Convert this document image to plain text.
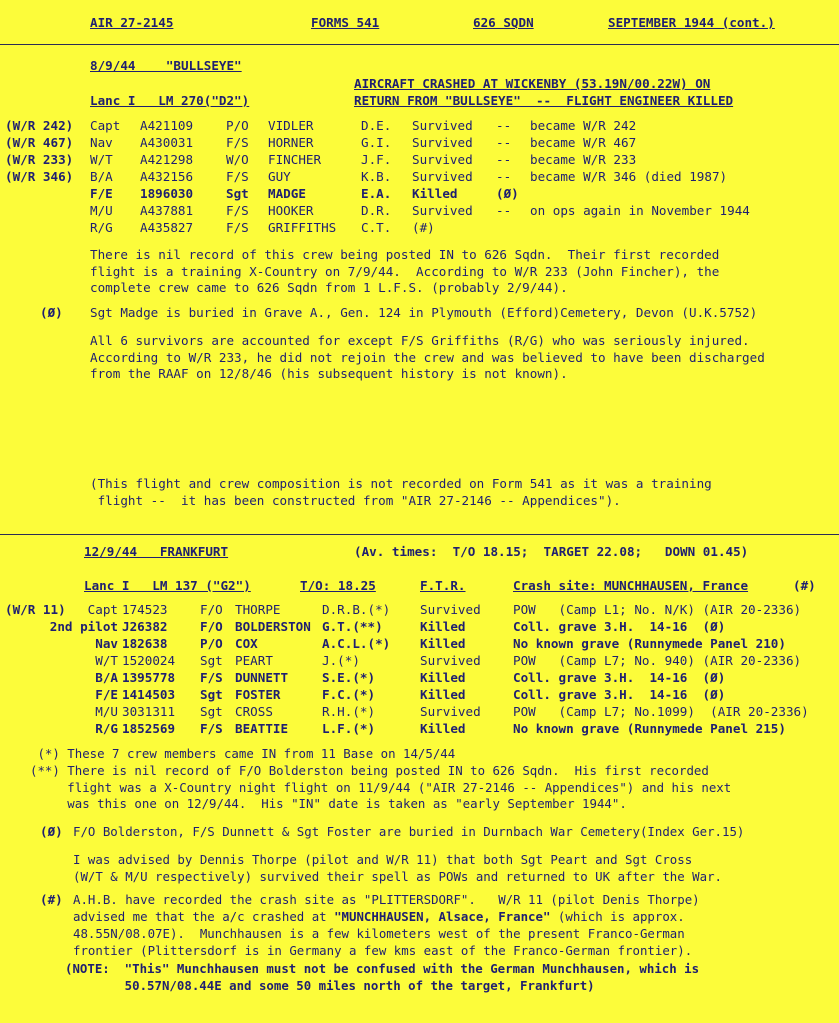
AIR 27-2145	FORMS 541	626 SQDN	SEPTEMBER 1944 (cont.)
8/9/44    "BULLSEYE"
AIRCRAFT CRASHED AT WICKENBY (53.19N/00.22W) ON
Lanc I   LM 270("D2")	RETURN FROM "BULLSEYE"  --  FLIGHT ENGINEER KILLED
(W/R 242) Capt A421109	P/O VIDLER	D.E. Survived -- became W/R 242
(W/R 467) Nav A430031	F/S HORNER	G.I. Survived -- became W/R 467
(W/R 233) W/T A421298	W/O FINCHER	J.F. Survived -- became W/R 233
(W/R 346) B/A A432156	F/S GUY	K.B. Survived -- became W/R 346 (died 1987)
F/E 1896030	Sgt MADGE	E.A. Killed	(Ø)
M/U A437881	F/S HOOKER	D.R. Survived -- on ops again in November 1944
R/G A435827	F/S GRIFFITHS C.T. (#)
There is nil record of this crew being posted IN to 626 Sqdn.  Their first recorded
flight is a training X-Country on 7/9/44.  According to W/R 233 (John Fincher), the
complete crew came to 626 Sqdn from 1 L.F.S. (probably 2/9/44).
(Ø) Sgt Madge is buried in Grave A., Gen. 124 in Plymouth (Efford)Cemetery, Devon (U.K.5752)
All 6 survivors are accounted for except F/S Griffiths (R/G) who was seriously injured.
According to W/R 233, he did not rejoin the crew and was believed to have been discharged
from the RAAF on 12/8/46 (his subsequent history is not known).
(This flight and crew composition is not recorded on Form 541 as it was a training
flight --  it has been constructed from "AIR 27-2146 -- Appendices").
12/9/44   FRANKFURT	(Av. times:  T/O 18.15;  TARGET 22.08;   DOWN 01.45)
Lanc I   LM 137 ("G2")	T/O: 18.25	F.T.R.	Crash site: MUNCHHAUSEN, France	(#)
(W/R 11) Capt 174523	F/O THORPE	D.R.B.(*) Survived	POW   (Camp L1; No. N/K) (AIR 20-2336)
2nd pilot J26382	F/O BOLDERSTON G.T.(**)	Killed	Coll. grave 3.H.  14-16  (Ø)
Nav 182638	P/O COX	A.C.L.(*) Killed	No known grave (Runnymede Panel 210)
W/T 1520024 Sgt PEART	J.(*)	Survived	POW   (Camp L7; No. 940) (AIR 20-2336)
B/A 1395778 F/S DUNNETT	S.E.(*)	Killed	Coll. grave 3.H.  14-16  (Ø)
F/E 1414503 Sgt FOSTER	F.C.(*)	Killed	Coll. grave 3.H.  14-16  (Ø)
M/U 3031311 Sgt CROSS	R.H.(*)	Survived	POW   (Camp L7; No.1099)  (AIR 20-2336)
R/G 1852569 F/S BEATTIE	L.F.(*)	Killed	No known grave (Runnymede Panel 215)
(*) These 7 crew members came IN from 11 Base on 14/5/44
(**) There is nil record of F/O Bolderston being posted IN to 626 Sqdn.  His first recorded
flight was a X-Country night flight on 11/9/44 ("AIR 27-2146 -- Appendices") and his next
was this one on 12/9/44.  His "IN" date is taken as "early September 1944".
(Ø) F/O Bolderston, F/S Dunnett & Sgt Foster are buried in Durnbach War Cemetery(Index Ger.15)
I was advised by Dennis Thorpe (pilot and W/R 11) that both Sgt Peart and Sgt Cross
(W/T & M/U respectively) survived their spell as POWs and returned to UK after the War.
(#) A.H.B. have recorded the crash site as "PLITTERSDORF".   W/R 11 (pilot Denis Thorpe)
advised me that the a/c crashed at "MUNCHHAUSEN, Alsace, France" (which is approx.
48.55N/08.07E).  Munchhausen is a few kilometers west of the present Franco-German
frontier (Plittersdorf is in Germany a few kms east of the Franco-German frontier).
(NOTE:  "This" Munchhausen must not be confused with the German Munchhausen, which is
50.57N/08.44E and some 50 miles north of the target, Frankfurt)
